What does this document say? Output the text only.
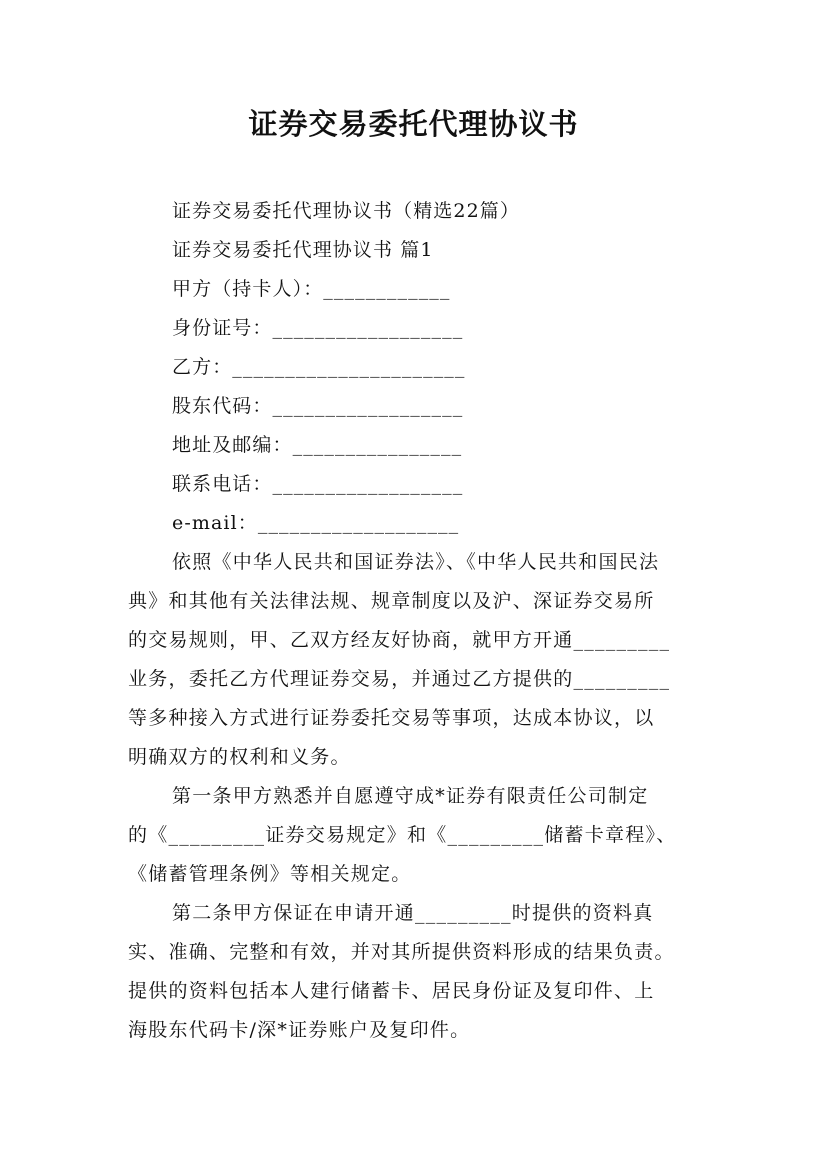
证券交易委托代理协议书
证券交易委托代理协议书（精选22篇）
证券交易委托代理协议书 篇1
甲方（持卡人）：____________
身份证号：__________________
乙方：______________________
股东代码：__________________
地址及邮编：________________
联系电话：__________________
e-mail：___________________
依照《中华人民共和国证券法》、《中华人民共和国民法
典》和其他有关法律法规、规章制度以及沪、深证券交易所
的交易规则，甲、乙双方经友好协商，就甲方开通_________
业务，委托乙方代理证券交易，并通过乙方提供的_________
等多种接入方式进行证券委托交易等事项，达成本协议，以
明确双方的权利和义务。
第一条甲方熟悉并自愿遵守成*证券有限责任公司制定
的《_________证券交易规定》和《_________储蓄卡章程》、
《储蓄管理条例》等相关规定。
第二条甲方保证在申请开通_________时提供的资料真
实、准确、完整和有效，并对其所提供资料形成的结果负责。
提供的资料包括本人建行储蓄卡、居民身份证及复印件、上
海股东代码卡/深*证券账户及复印件。
